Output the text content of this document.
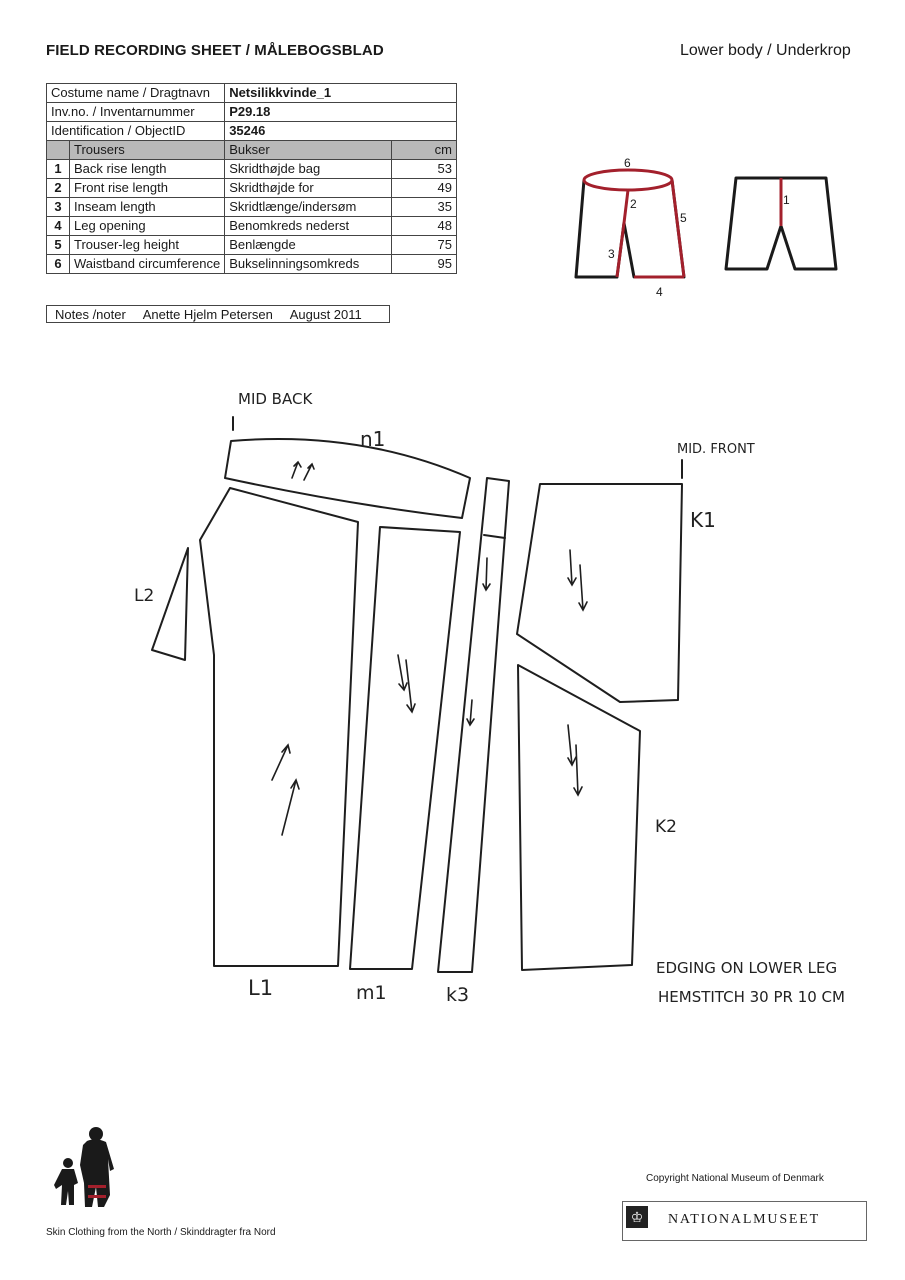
FIELD RECORDING SHEET / MÅLEBOGSBLAD	Lower body / Underkrop
Costume name / Dragtnavn		Netsilikkvinde_1	
Inv.no. / Inventarnummer		P29.18	
Identification / ObjectID		35246	
	Trousers	Bukser	cm
1	Back rise length	Skridthøjde bag	53
2	Front rise length	Skridthøjde for	49
3	Inseam length	Skridtlænge/indersøm	35
4	Leg opening	Benomkreds nederst	48
5	Trouser-leg height	Benlængde	75
6	Waistband circumference	Bukselinningsomkreds	95
Notes /noter Anette Hjelm Petersen August 2011
6
2
5
3
4
1
MID BACK
MID. FRONT
n1
K1
L2
K2
L1	m1	k3
EDGING ON LOWER LEG
HEMSTITCH 30 PR 10 CM
Skin Clothing from the North / Skinddragter fra Nord
Copyright National Museum of Denmark
♔	NATIONALMUSEET
